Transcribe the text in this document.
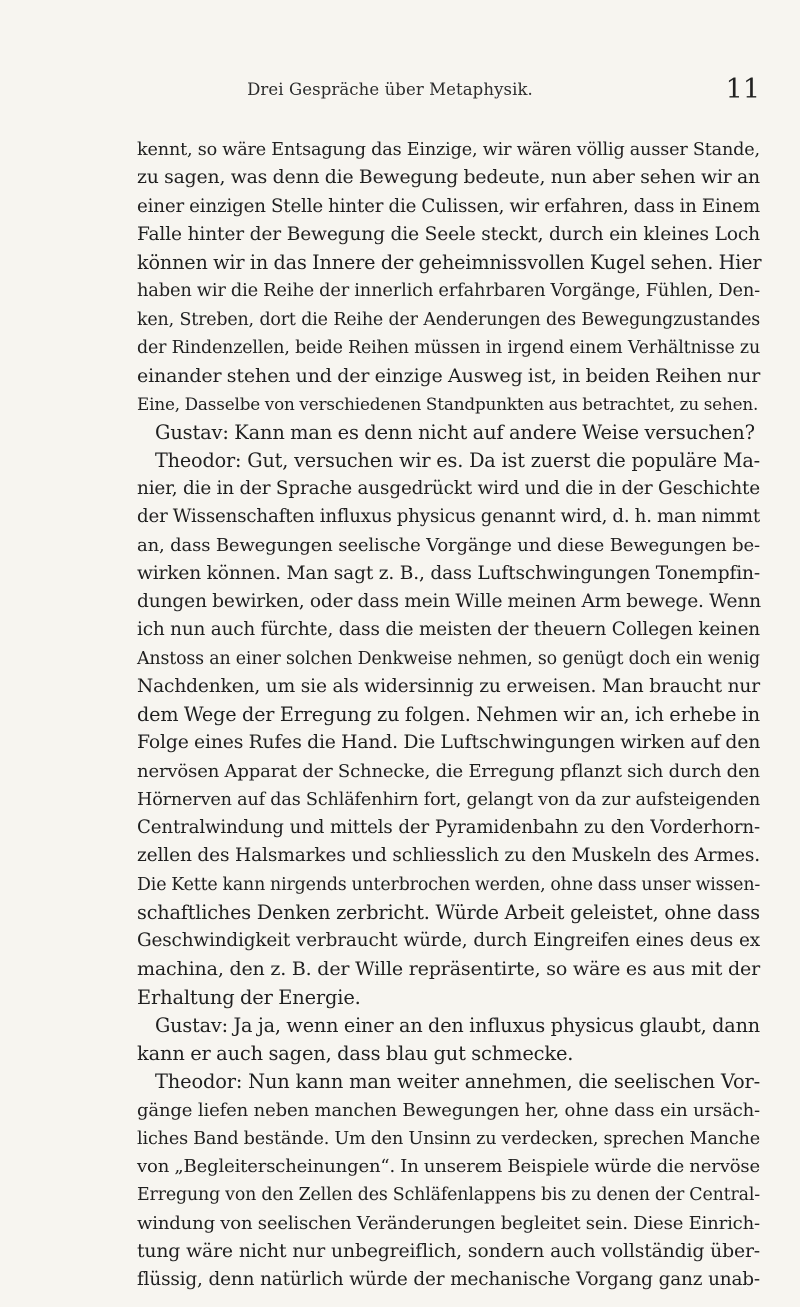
Drei Gespräche über Metaphysik.	11
kennt, so wäre Entsagung das Einzige, wir wären völlig ausser Stande,
zu sagen, was denn die Bewegung bedeute, nun aber sehen wir an
einer einzigen Stelle hinter die Culissen, wir erfahren, dass in Einem
Falle hinter der Bewegung die Seele steckt, durch ein kleines Loch
können wir in das Innere der geheimnissvollen Kugel sehen. Hier
haben wir die Reihe der innerlich erfahrbaren Vorgänge, Fühlen, Den-
ken, Streben, dort die Reihe der Aenderungen des Bewegungzustandes
der Rindenzellen, beide Reihen müssen in irgend einem Verhältnisse zu
einander stehen und der einzige Ausweg ist, in beiden Reihen nur
Eine, Dasselbe von verschiedenen Standpunkten aus betrachtet, zu sehen.
Gustav: Kann man es denn nicht auf andere Weise versuchen?
Theodor: Gut, versuchen wir es. Da ist zuerst die populäre Ma-
nier, die in der Sprache ausgedrückt wird und die in der Geschichte
der Wissenschaften influxus physicus genannt wird, d. h. man nimmt
an, dass Bewegungen seelische Vorgänge und diese Bewegungen be-
wirken können. Man sagt z. B., dass Luftschwingungen Tonempfin-
dungen bewirken, oder dass mein Wille meinen Arm bewege. Wenn
ich nun auch fürchte, dass die meisten der theuern Collegen keinen
Anstoss an einer solchen Denkweise nehmen, so genügt doch ein wenig
Nachdenken, um sie als widersinnig zu erweisen. Man braucht nur
dem Wege der Erregung zu folgen. Nehmen wir an, ich erhebe in
Folge eines Rufes die Hand. Die Luftschwingungen wirken auf den
nervösen Apparat der Schnecke, die Erregung pflanzt sich durch den
Hörnerven auf das Schläfenhirn fort, gelangt von da zur aufsteigenden
Centralwindung und mittels der Pyramidenbahn zu den Vorderhorn-
zellen des Halsmarkes und schliesslich zu den Muskeln des Armes.
Die Kette kann nirgends unterbrochen werden, ohne dass unser wissen-
schaftliches Denken zerbricht. Würde Arbeit geleistet, ohne dass
Geschwindigkeit verbraucht würde, durch Eingreifen eines deus ex
machina, den z. B. der Wille repräsentirte, so wäre es aus mit der
Erhaltung der Energie.
Gustav: Ja ja, wenn einer an den influxus physicus glaubt, dann
kann er auch sagen, dass blau gut schmecke.
Theodor: Nun kann man weiter annehmen, die seelischen Vor-
gänge liefen neben manchen Bewegungen her, ohne dass ein ursäch-
liches Band bestände. Um den Unsinn zu verdecken, sprechen Manche
von „Begleiterscheinungen“. In unserem Beispiele würde die nervöse
Erregung von den Zellen des Schläfenlappens bis zu denen der Central-
windung von seelischen Veränderungen begleitet sein. Diese Einrich-
tung wäre nicht nur unbegreiflich, sondern auch vollständig über-
flüssig, denn natürlich würde der mechanische Vorgang ganz unab-
